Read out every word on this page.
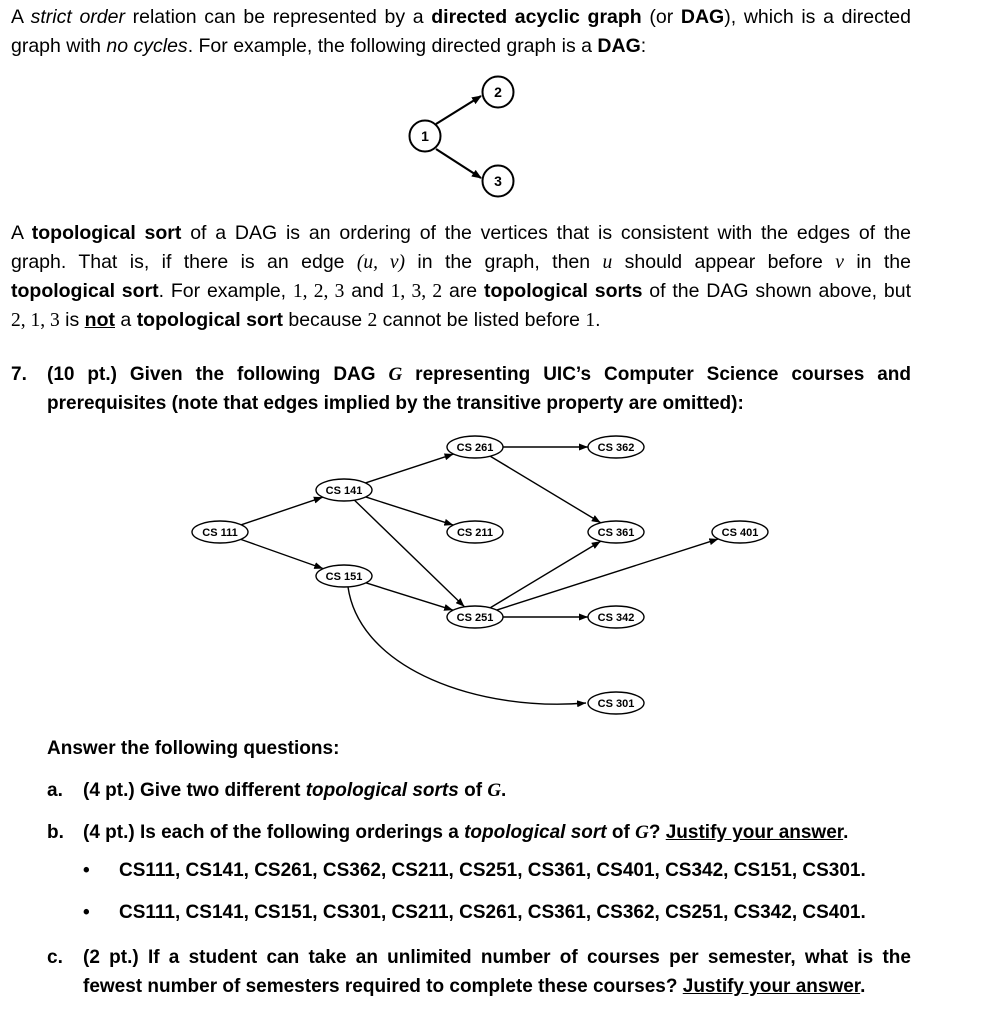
A strict order relation can be represented by a directed acyclic graph (or DAG), which is a directed
graph with no cycles. For example, the following directed graph is a DAG:
1
2
3
A topological sort of a DAG is an ordering of the vertices that is consistent with the edges of the
graph. That is, if there is an edge (u, v) in the graph, then u should appear before v in the
topological sort. For example, 1, 2, 3 and 1, 3, 2 are topological sorts of the DAG shown above, but
2, 1, 3 is not a topological sort because 2 cannot be listed before 1.
7. (10 pt.) Given the following DAG G representing UIC’s Computer Science courses and
prerequisites (note that edges implied by the transitive property are omitted):
CS 111
CS 141
CS 151
CS 261
CS 211
CS 251
CS 362
CS 361
CS 342
CS 301
CS 401
Answer the following questions:
a. (4 pt.) Give two different topological sorts of G.
b. (4 pt.) Is each of the following orderings a topological sort of G? Justify your answer.
• CS111, CS141, CS261, CS362, CS211, CS251, CS361, CS401, CS342, CS151, CS301.
• CS111, CS141, CS151, CS301, CS211, CS261, CS361, CS362, CS251, CS342, CS401.
c. (2 pt.) If a student can take an unlimited number of courses per semester, what is the
fewest number of semesters required to complete these courses? Justify your answer.
